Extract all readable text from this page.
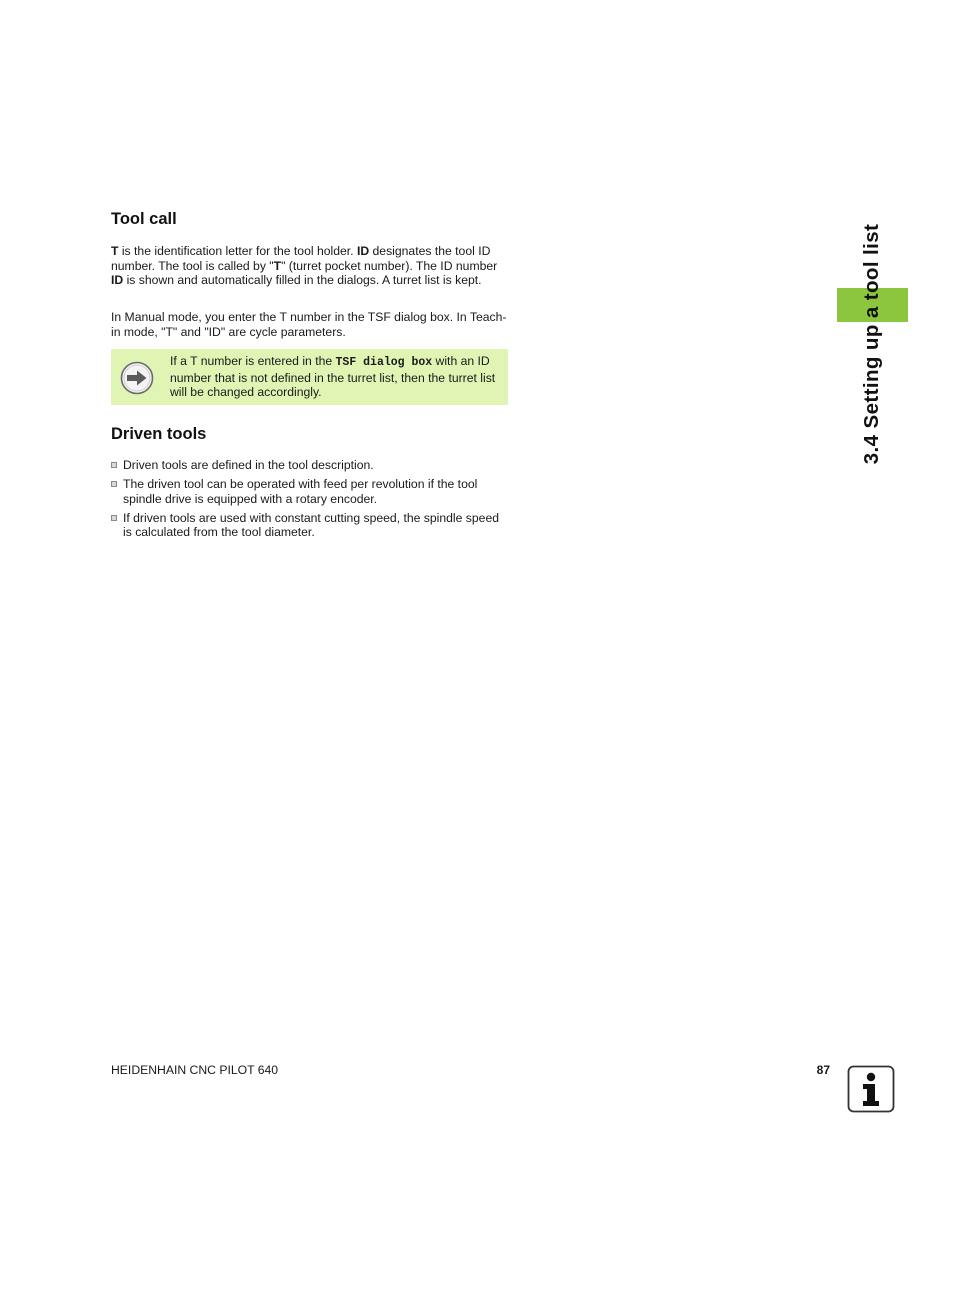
3.4 Setting up a tool list
Tool call

T is the identification letter for the tool holder. ID designates the tool ID number. The tool is called by "T" (turret pocket number). The ID number ID is shown and automatically filled in the dialogs. A turret list is kept.

In Manual mode, you enter the T number in the TSF dialog box. In Teach-in mode, "T" and "ID" are cycle parameters.

If a T number is entered in the TSF dialog box with an ID number that is not defined in the turret list, then the turret list will be changed accordingly.

Driven tools
Driven tools are defined in the tool description.
The driven tool can be operated with feed per revolution if the tool spindle drive is equipped with a rotary encoder.
If driven tools are used with constant cutting speed, the spindle speed is calculated from the tool diameter.

HEIDENHAIN CNC PILOT 640	87
